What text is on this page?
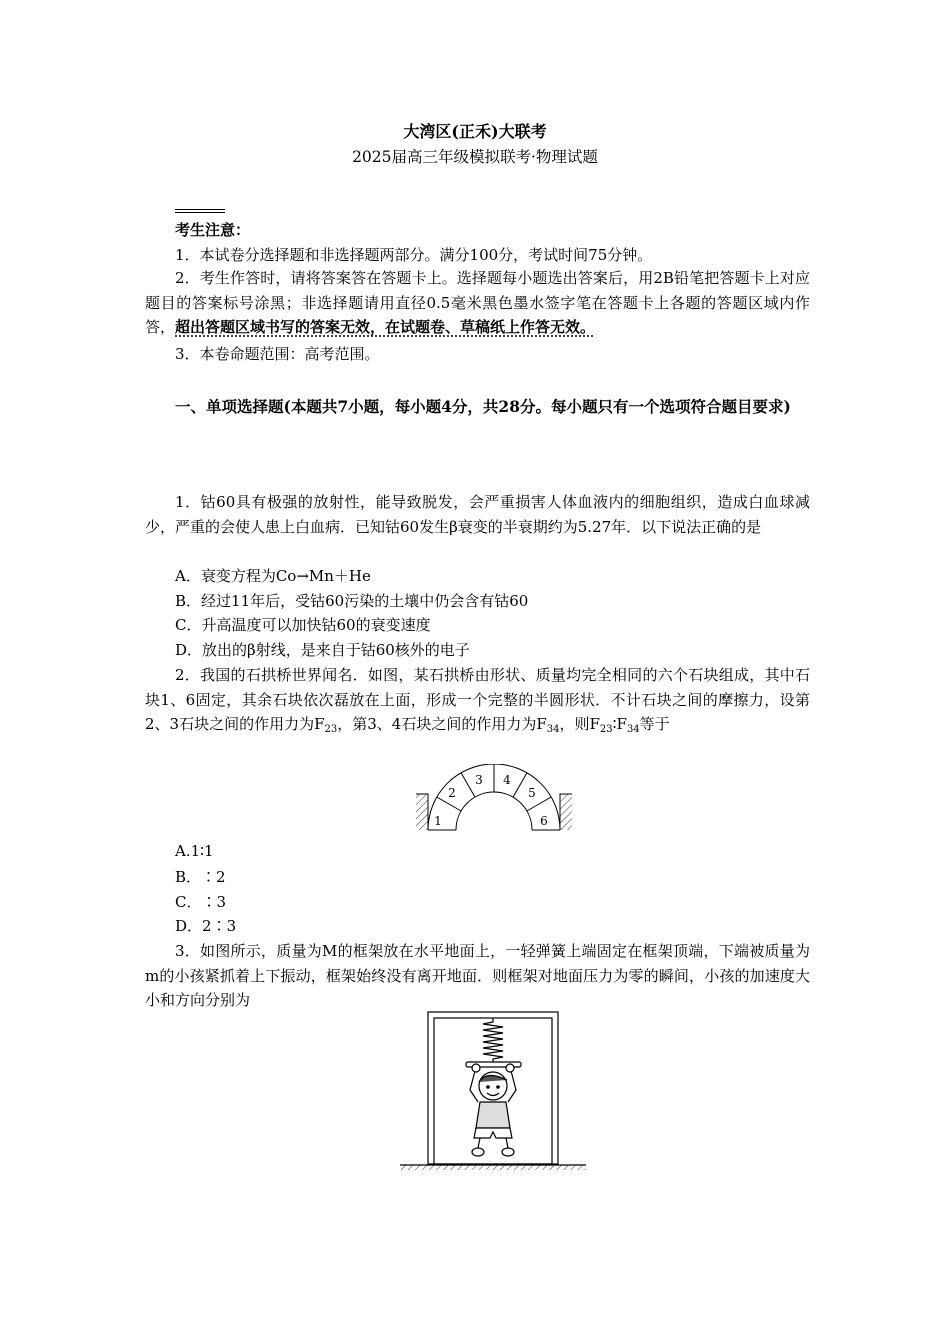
大湾区(正禾)大联考
2025届高三年级模拟联考·物理试题
考生注意：
1．本试卷分选择题和非选择题两部分。满分100分，考试时间75分钟。
2．考生作答时，请将答案答在答题卡上。选择题每小题选出答案后，用2B铅笔把答题卡上对应题目的答案标号涂黑；非选择题请用直径0.5毫米黑色墨水签字笔在答题卡上各题的答题区域内作答，超出答题区域书写的答案无效，在试题卷、草稿纸上作答无效。
3．本卷命题范围：高考范围。
一、单项选择题(本题共7小题，每小题4分，共28分。每小题只有一个选项符合题目要求)
1．钴60具有极强的放射性，能导致脱发，会严重损害人体血液内的细胞组织，造成白血球减少，严重的会使人患上白血病．已知钴60发生β衰变的半衰期约为5.27年．以下说法正确的是
A．衰变方程为Co→Mn＋He
B．经过11年后，受钴60污染的土壤中仍会含有钴60
C．升高温度可以加快钴60的衰变速度
D．放出的β射线，是来自于钴60核外的电子
2．我国的石拱桥世界闻名．如图，某石拱桥由形状、质量均完全相同的六个石块组成，其中石块1、6固定，其余石块依次磊放在上面，形成一个完整的半圆形状．不计石块之间的摩擦力，设第2、3石块之间的作用力为$F_{23}$，第3、4石块之间的作用力为$F_{34}$，则$F_{23}∶F_{34}$等于
1
2
3 4
5
6
A.1∶1
B．∶2
C．∶3
D．2∶3
3．如图所示，质量为M的框架放在水平地面上，一轻弹簧上端固定在框架顶端，下端被质量为m的小孩紧抓着上下振动，框架始终没有离开地面．则框架对地面压力为零的瞬间，小孩的加速度大小和方向分别为
